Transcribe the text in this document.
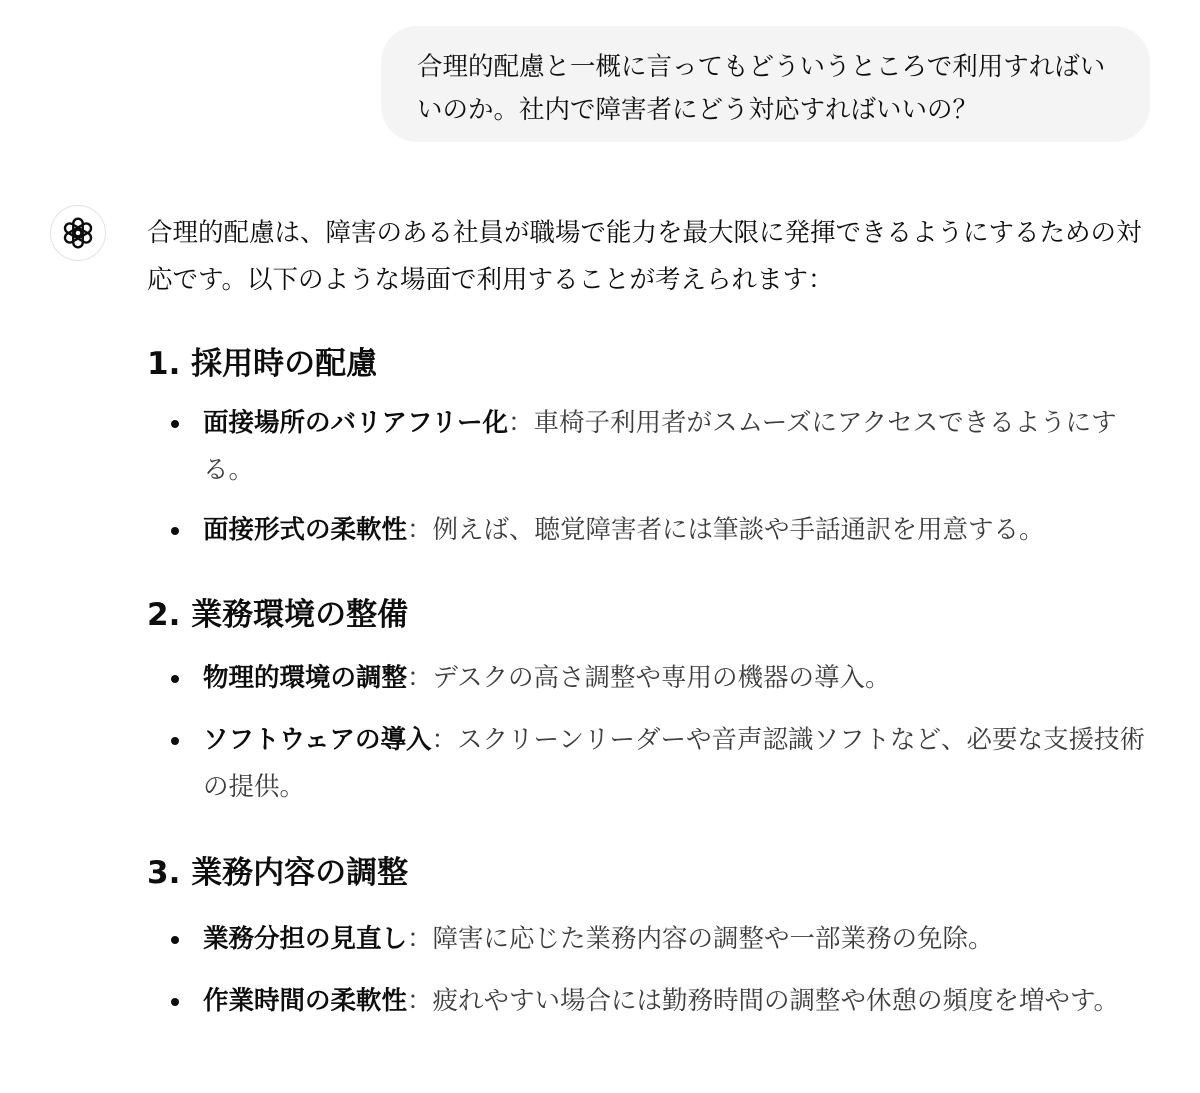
合理的配慮と一概に言ってもどういうところで利用すればいいのか。社内で障害者にどう対応すればいいの？

合理的配慮は、障害のある社員が職場で能力を最大限に発揮できるようにするための対応です。以下のような場面で利用することが考えられます：

1. 採用時の配慮
面接場所のバリアフリー化：車椅子利用者がスムーズにアクセスできるようにする。
面接形式の柔軟性：例えば、聴覚障害者には筆談や手話通訳を用意する。
2. 業務環境の整備
物理的環境の調整：デスクの高さ調整や専用の機器の導入。
ソフトウェアの導入：スクリーンリーダーや音声認識ソフトなど、必要な支援技術の提供。
3. 業務内容の調整
業務分担の見直し：障害に応じた業務内容の調整や一部業務の免除。
作業時間の柔軟性：疲れやすい場合には勤務時間の調整や休憩の頻度を増やす。
